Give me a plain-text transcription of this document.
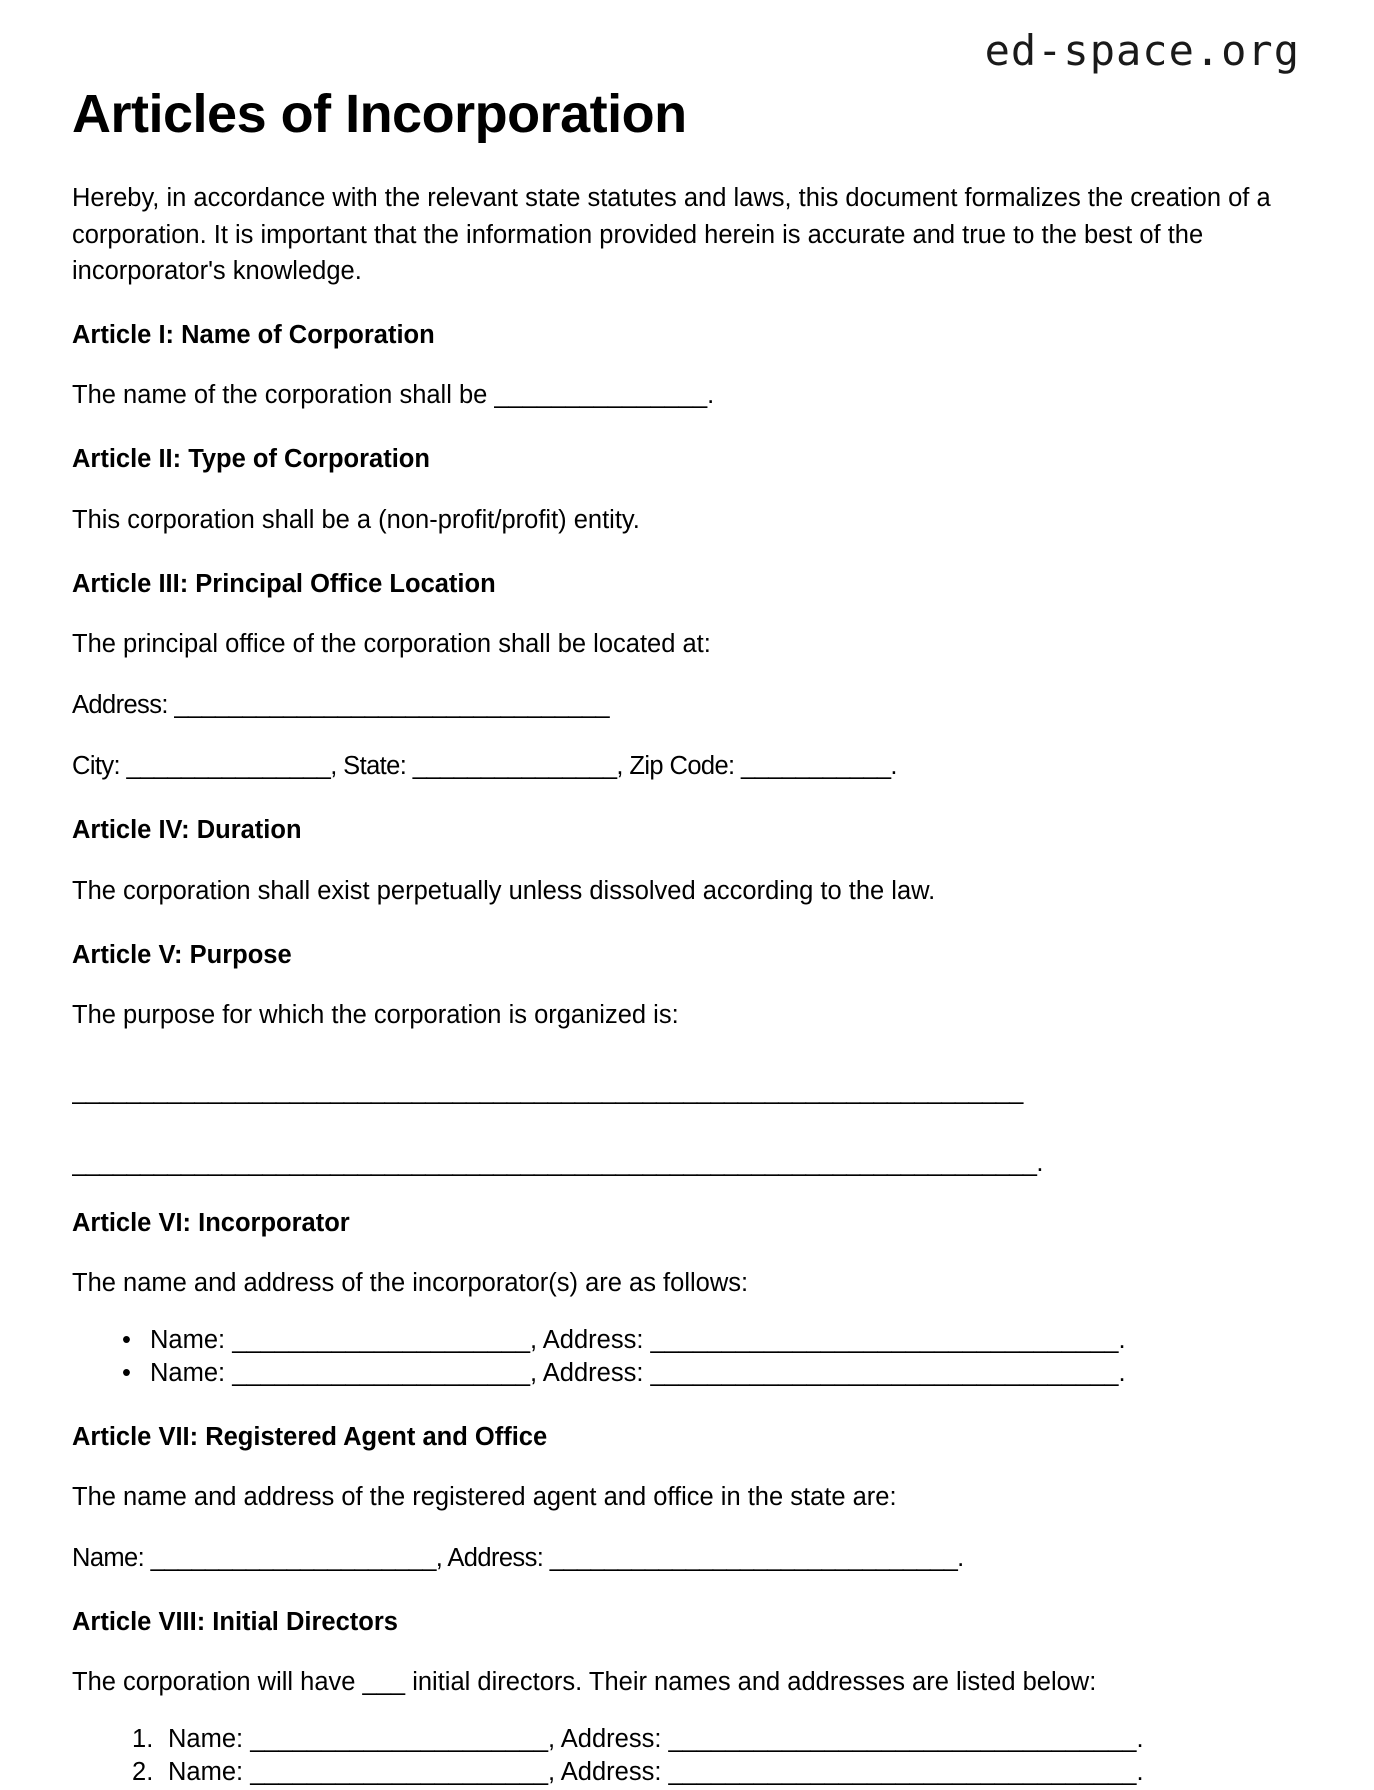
ed-space.org
Articles of Incorporation

Hereby, in accordance with the relevant state statutes and laws, this document formalizes the creation of a corporation. It is important that the information provided herein is accurate and true to the best of the incorporator's knowledge.

Article I: Name of Corporation

The name of the corporation shall be _______________.

Article II: Type of Corporation

This corporation shall be a (non-profit/profit) entity.

Article III: Principal Office Location

The principal office of the corporation shall be located at:

Address: ________________________________

City: _______________, State: _______________, Zip Code: ___________.

Article IV: Duration

The corporation shall exist perpetually unless dissolved according to the law.

Article V: Purpose

The purpose for which the corporation is organized is:

______________________________________________________________________

_______________________________________________________________________.

Article VI: Incorporator

The name and address of the incorporator(s) are as follows:

• Name: _____________________, Address: _________________________________.
• Name: _____________________, Address: _________________________________.
Article VII: Registered Agent and Office

The name and address of the registered agent and office in the state are:

Name: _____________________, Address: ______________________________.

Article VIII: Initial Directors

The corporation will have ___ initial directors. Their names and addresses are listed below:

Name: _____________________, Address: _________________________________.
Name: _____________________, Address: _________________________________.
